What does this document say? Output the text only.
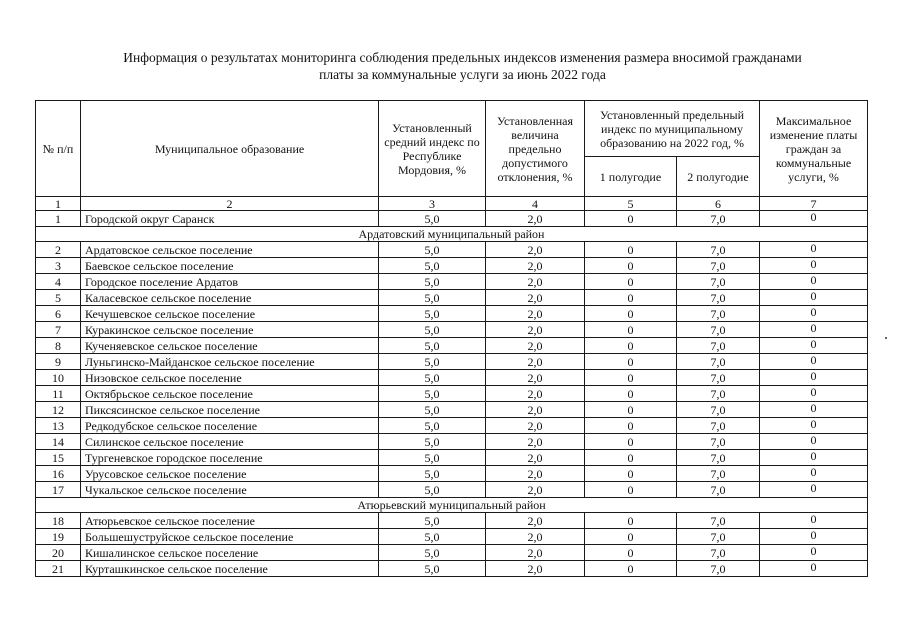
Информация о результатах мониторинга соблюдения предельных индексов изменения размера вносимой гражданами
платы за коммунальные услуги за июнь 2022 года
№ п/п	Муниципальное образование	Установленный средний индекс по Республике Мордовия, %	Установленная величина предельно допустимого отклонения, %	Установленный предельный индекс по муниципальному образованию на 2022 год, %		Максимальное изменение платы граждан за коммунальные услуги, %
				1 полугодие	2 полугодие	
1	2	3	4	5	6	7
1	Городской округ Саранск	5,0	2,0	0	7,0	0
Ардатовский муниципальный район						
2	Ардатовское сельское поселение	5,0	2,0	0	7,0	0
3	Баевское сельское поселение	5,0	2,0	0	7,0	0
4	Городское поселение Ардатов	5,0	2,0	0	7,0	0
5	Каласевское сельское поселение	5,0	2,0	0	7,0	0
6	Кечушевское сельское поселение	5,0	2,0	0	7,0	0
7	Куракинское сельское поселение	5,0	2,0	0	7,0	0
8	Кученяевское сельское поселение	5,0	2,0	0	7,0	0
9	Луньгинско-Майданское сельское поселение	5,0	2,0	0	7,0	0
10	Низовское сельское поселение	5,0	2,0	0	7,0	0
11	Октябрьское сельское поселение	5,0	2,0	0	7,0	0
12	Пиксясинское сельское поселение	5,0	2,0	0	7,0	0
13	Редкодубское сельское поселение	5,0	2,0	0	7,0	0
14	Силинское сельское поселение	5,0	2,0	0	7,0	0
15	Тургеневское городское поселение	5,0	2,0	0	7,0	0
16	Урусовское сельское поселение	5,0	2,0	0	7,0	0
17	Чукальское сельское поселение	5,0	2,0	0	7,0	0
Атюрьевский муниципальный район						
18	Атюрьевское сельское поселение	5,0	2,0	0	7,0	0
19	Большешуструйское сельское поселение	5,0	2,0	0	7,0	0
20	Кишалинское сельское поселение	5,0	2,0	0	7,0	0
21	Курташкинское сельское поселение	5,0	2,0	0	7,0	0
